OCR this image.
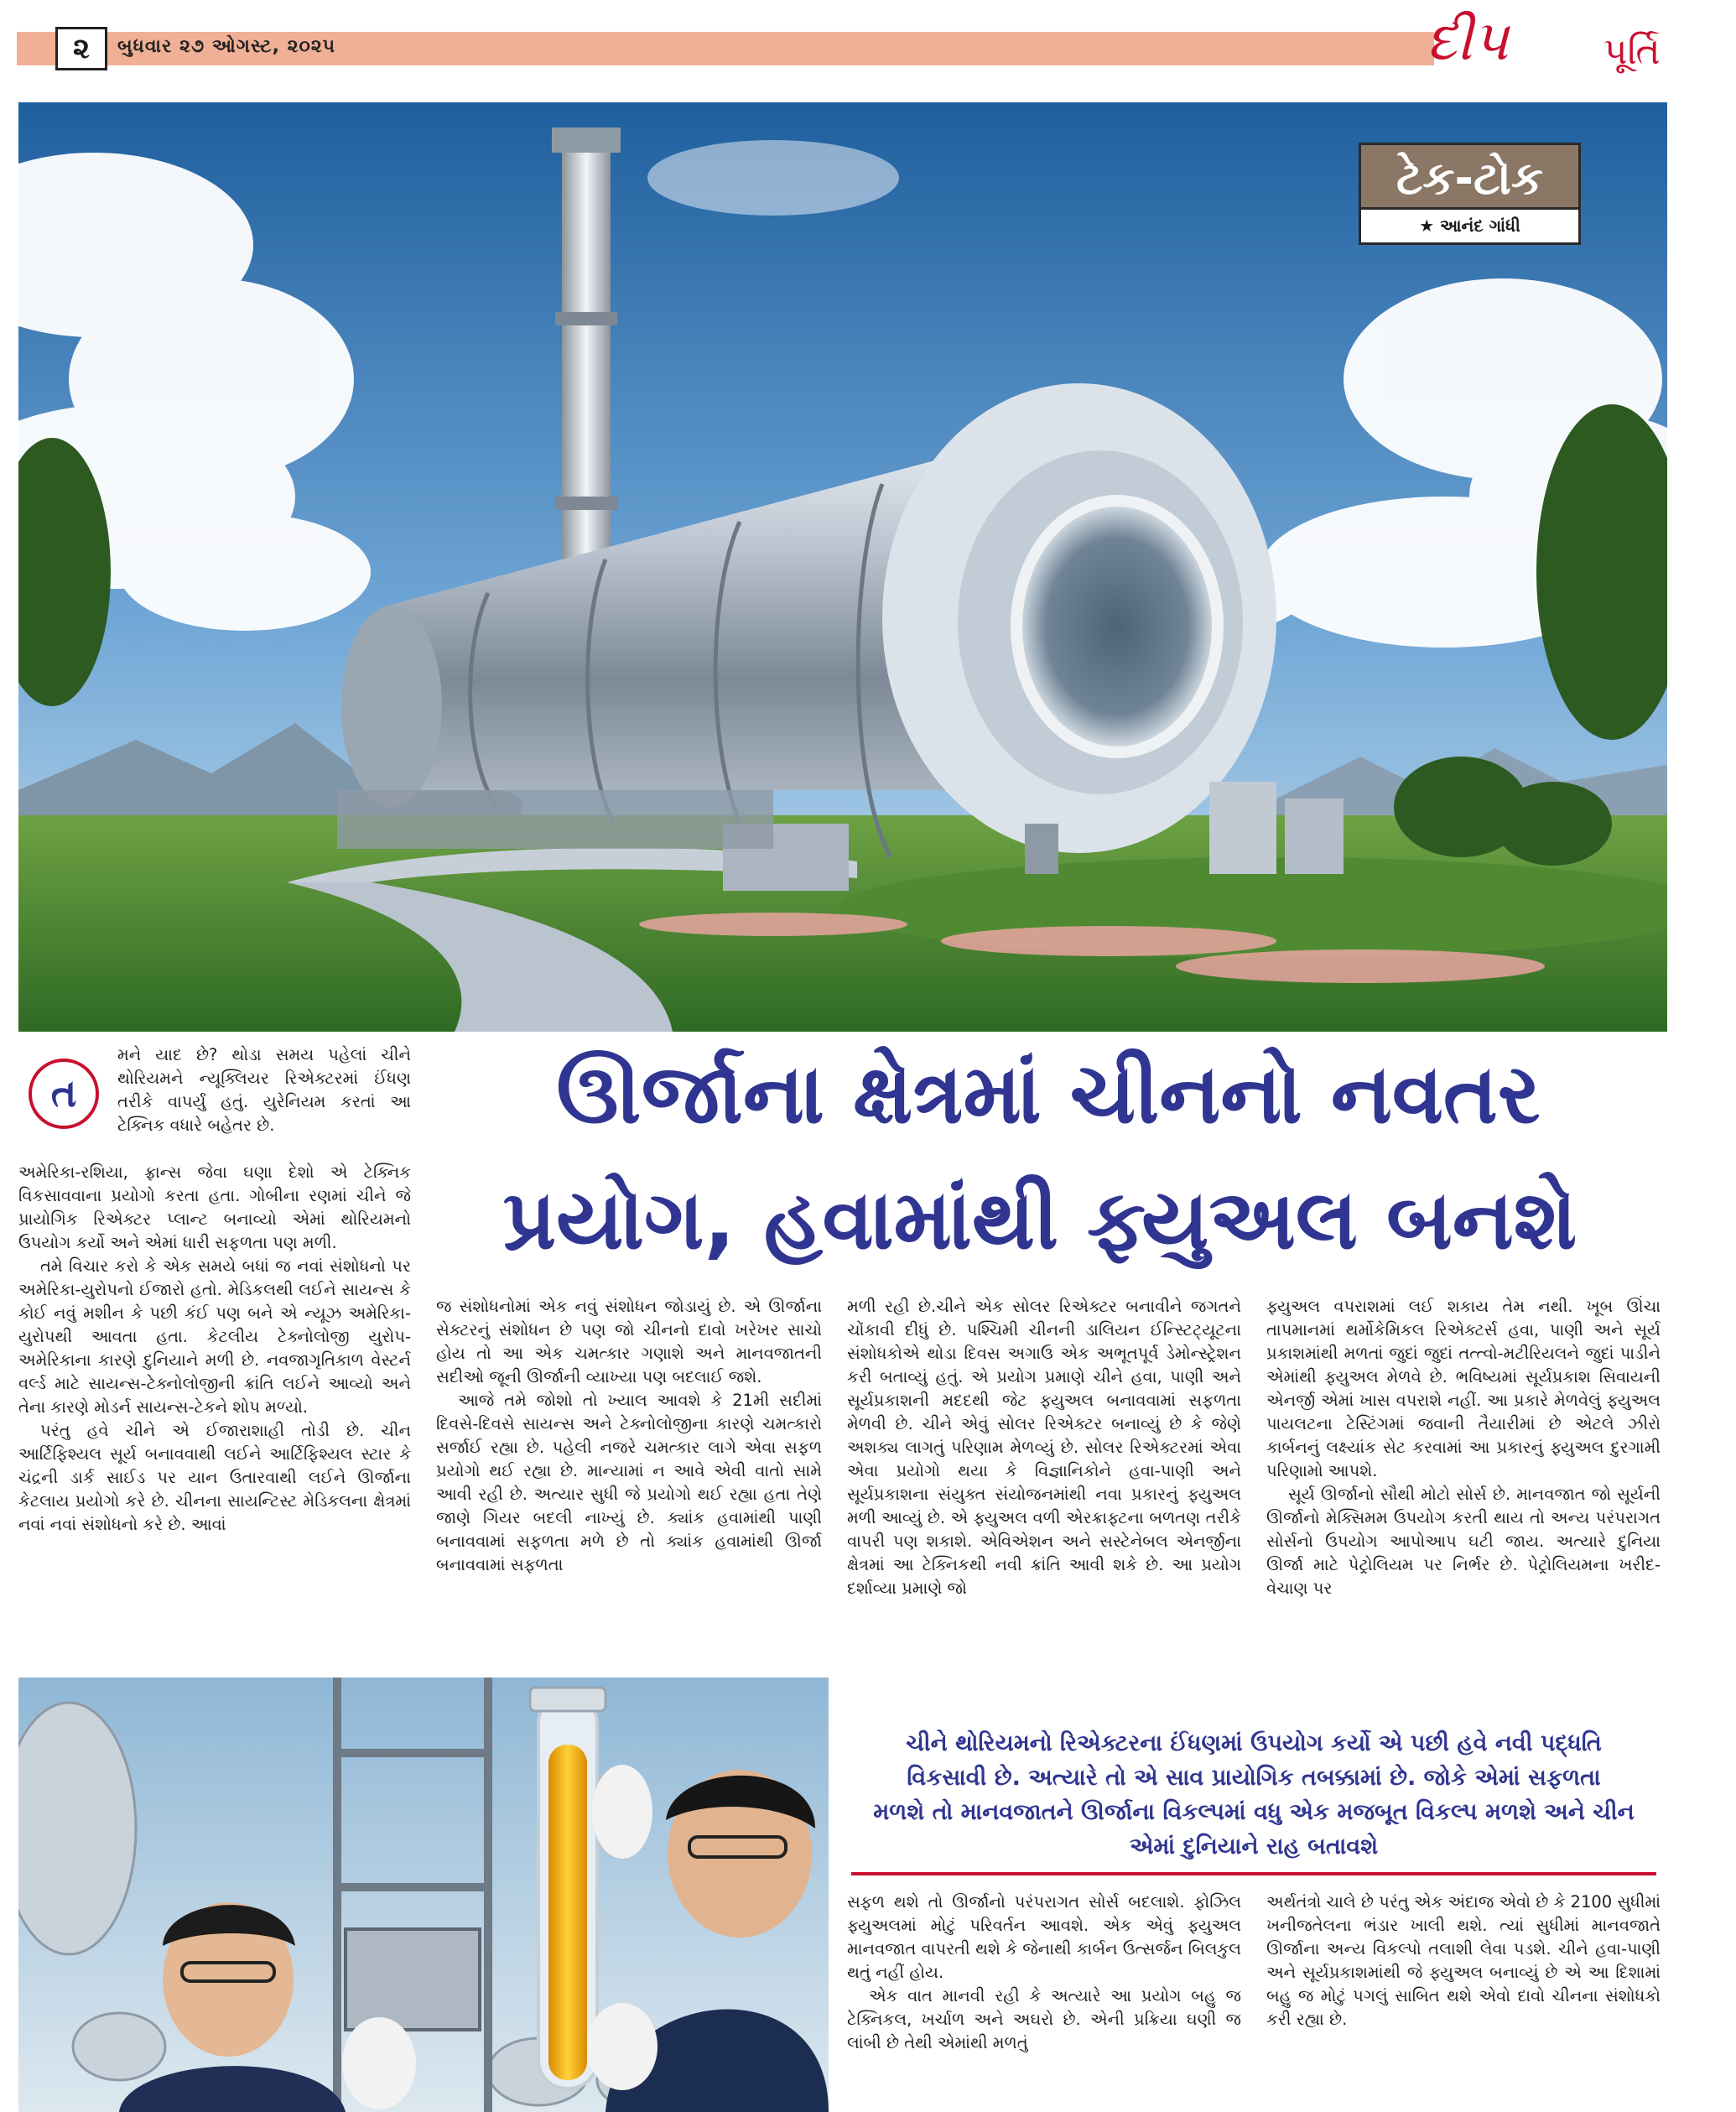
૨	બુધવાર ૨૭ ઓગસ્ટ, ૨૦૨૫	દીપ	પૂર્તિ
ટેક-ટોક
★ આનંદ ગાંધી
ઊર્જાના ક્ષેત્રમાં ચીનનો નવતર
પ્રયોગ, હવામાંથી ફ્યુઅલ બનશે
ત

મને યાદ છે? થોડા સમય પહેલાં ચીને થોરિયમને ન્યૂક્લિયર રિએક્ટરમાં ઈંધણ તરીકે વાપર્યું હતું. યુરેનિયમ કરતાં આ ટેક્નિક વધારે બહેતર છે.

અમેરિકા-રશિયા, ફ્રાન્સ જેવા ઘણા દેશો એ ટેક્નિક વિકસાવવાના પ્રયોગો કરતા હતા. ગોબીના રણમાં ચીને જે પ્રાયોગિક રિએક્ટર પ્લાન્ટ બનાવ્યો એમાં થોરિયમનો ઉપયોગ કર્યો અને એમાં ધારી સફળતા પણ મળી.

તમે વિચાર કરો કે એક સમયે બધાં જ નવાં સંશોધનો પર અમેરિકા-યુરોપનો ઈજારો હતો. મેડિકલથી લઈને સાયન્સ કે કોઈ નવું મશીન કે પછી કંઈ પણ બને એ ન્યૂઝ અમેરિકા-યુરોપથી આવતા હતા. કેટલીય ટેક્નોલોજી યુરોપ-અમેરિકાના કારણે દુનિયાને મળી છે. નવજાગૃતિકાળ વેસ્ટર્ન વર્લ્ડ માટે સાયન્સ-ટેક્નોલોજીની ક્રાંતિ લઈને આવ્યો અને તેના કારણે મોડર્ન સાયન્સ-ટેકને શોપ મળ્યો.

પરંતુ હવે ચીને એ ઈજારાશાહી તોડી છે. ચીન આર્ટિફિશ્યલ સૂર્ય બનાવવાથી લઈને આર્ટિફિશ્યલ સ્ટાર કે ચંદ્રની ડાર્ક સાઈડ પર યાન ઉતારવાથી લઈને ઊર્જાના કેટલાય પ્રયોગો કરે છે. ચીનના સાયન્ટિસ્ટ મેડિકલના ક્ષેત્રમાં નવાં નવાં સંશોધનો કરે છે. આવાં

જ સંશોધનોમાં એક નવું સંશોધન જોડાયું છે. એ ઊર્જાના સેક્ટરનું સંશોધન છે પણ જો ચીનનો દાવો ખરેખર સાચો હોય તો આ એક ચમત્કાર ગણાશે અને માનવજાતની સદીઓ જૂની ઊર્જાની વ્યાખ્યા પણ બદલાઈ જશે.

આજે તમે જોશો તો ખ્યાલ આવશે કે 21મી સદીમાં દિવસે-દિવસે સાયન્સ અને ટેક્નોલોજીના કારણે ચમત્કારો સર્જાઈ રહ્યા છે. પહેલી નજરે ચમત્કાર લાગે એવા સફળ પ્રયોગો થઈ રહ્યા છે. માન્યામાં ન આવે એવી વાતો સામે આવી રહી છે. અત્યાર સુધી જે પ્રયોગો થઈ રહ્યા હતા તેણે જાણે ગિયર બદલી નાખ્યું છે. ક્યાંક હવામાંથી પાણી બનાવવામાં સફળતા મળે છે તો ક્યાંક હવામાંથી ઊર્જા બનાવવામાં સફળતા

મળી રહી છે.ચીને એક સોલર રિએક્ટર બનાવીને જગતને ચોંકાવી દીધું છે. પશ્ચિમી ચીનની ડાલિયન ઈન્સ્ટિટ્યૂટના સંશોધકોએ થોડા દિવસ અગાઉ એક અભૂતપૂર્વ ડેમોન્સ્ટ્રેશન કરી બતાવ્યું હતું. એ પ્રયોગ પ્રમાણે ચીને હવા, પાણી અને સૂર્યપ્રકાશની મદદથી જેટ ફ્યુઅલ બનાવવામાં સફળતા મેળવી છે. ચીને એવું સોલર રિએક્ટર બનાવ્યું છે કે જેણે અશક્ય લાગતું પરિણામ મેળવ્યું છે. સોલર રિએક્ટરમાં એવા એવા પ્રયોગો થયા કે વિજ્ઞાનિકોને હવા-પાણી અને સૂર્યપ્રકાશના સંયુક્ત સંયોજનમાંથી નવા પ્રકારનું ફ્યુઅલ મળી આવ્યું છે. એ ફ્યુઅલ વળી એરક્રાફ્ટના બળતણ તરીકે વાપરી પણ શકાશે. એવિએશન અને સસ્ટેનેબલ એનર્જીના ક્ષેત્રમાં આ ટેક્નિકથી નવી ક્રાંતિ આવી શકે છે. આ પ્રયોગ દર્શાવ્યા પ્રમાણે જો

ફ્યુઅલ વપરાશમાં લઈ શકાય તેમ નથી. ખૂબ ઊંચા તાપમાનમાં થર્મોકેમિકલ રિએક્ટર્સ હવા, પાણી અને સૂર્ય પ્રકાશમાંથી મળતાં જુદાં જુદાં તત્ત્વો-મટીરિયલને જુદાં પાડીને એમાંથી ફ્યુઅલ મેળવે છે. ભવિષ્યમાં સૂર્યપ્રકાશ સિવાયની એનર્જી એમાં ખાસ વપરાશે નહીં. આ પ્રકારે મેળવેલું ફ્યુઅલ પાયલટના ટેસ્ટિંગમાં જવાની તૈયારીમાં છે એટલે ઝીરો કાર્બનનું લક્ષ્યાંક સેટ કરવામાં આ પ્રકારનું ફ્યુઅલ દુરગામી પરિણામો આપશે.

સૂર્ય ઊર્જાનો સૌથી મોટો સોર્સ છે. માનવજાત જો સૂર્યની ઊર્જાનો મેક્સિમમ ઉપયોગ કરતી થાય તો અન્ય પરંપરાગત સોર્સનો ઉપયોગ આપોઆપ ઘટી જાય. અત્યારે દુનિયા ઊર્જા માટે પેટ્રોલિયમ પર નિર્ભર છે. પેટ્રોલિયમના ખરીદ-વેચાણ પર

ચીને થોરિયમનો રિએક્ટરના ઈંધણમાં ઉપયોગ કર્યો એ પછી હવે નવી પદ્ધતિ
વિકસાવી છે. અત્યારે તો એ સાવ પ્રાયોગિક તબક્કામાં છે. જોકે એમાં સફળતા
મળશે તો માનવજાતને ઊર્જાના વિકલ્પમાં વધુ એક મજબૂત વિકલ્પ મળશે અને ચીન
એમાં દુનિયાને રાહ બતાવશે

સફળ થશે તો ઊર્જાનો પરંપરાગત સોર્સ બદલાશે. ફોઝિલ ફ્યુઅલમાં મોટું પરિવર્તન આવશે. એક એવું ફ્યુઅલ માનવજાત વાપરતી થશે કે જેનાથી કાર્બન ઉત્સર્જન બિલકુલ થતું નહીં હોય.

એક વાત માનવી રહી કે અત્યારે આ પ્રયોગ બહુ જ ટેક્નિકલ, ખર્ચાળ અને અઘરો છે. એની પ્રક્રિયા ઘણી જ લાંબી છે તેથી એમાંથી મળતું

અર્થતંત્રો ચાલે છે પરંતુ એક અંદાજ એવો છે કે 2100 સુધીમાં ખનીજતેલના ભંડાર ખાલી થશે. ત્યાં સુધીમાં માનવજાતે ઊર્જાના અન્ય વિકલ્પો તલાશી લેવા પડશે. ચીને હવા-પાણી અને સૂર્યપ્રકાશમાંથી જે ફ્યુઅલ બનાવ્યું છે એ આ દિશામાં બહુ જ મોટું પગલું સાબિત થશે એવો દાવો ચીનના સંશોધકો કરી રહ્યા છે.
